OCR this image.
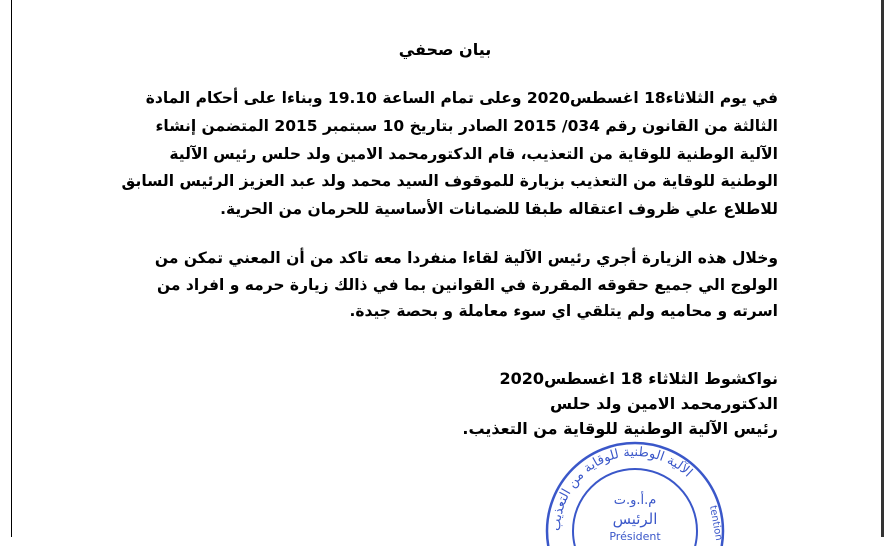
بيان صحفي
في يوم الثلاثاء18 اغسطس2020 وعلى تمام الساعة 19.10 وبناءا على أحكام المادة الثالثة من القانون رقم 034/ 2015 الصادر بتاريخ 10 سبتمبر 2015 المتضمن إنشاء الآلية الوطنية للوقاية من التعذيب، قام الدكتورمحمد الامين ولد حلس رئيس الآلية الوطنية للوقاية من التعذيب بزيارة للموقوف السيد محمد ولد عبد العزيز الرئيس السابق للاطلاع علي ظروف اعتقاله طبقا للضمانات الأساسية للحرمان من الحرية.
وخلال هذه الزيارة أجري رئيس الآلية لقاءا منفردا معه تاكد من أن المعني تمكن من الولوج الي جميع حقوقه المقررة في القوانين بما في ذالك زيارة حرمه و افراد من اسرته و محاميه ولم يتلقي اي سوء معاملة و بحصة جيدة.
نواكشوط الثلاثاء 18 اغسطس2020
الدكتورمحمد الامين ولد حلس
رئيس الآلية الوطنية للوقاية من التعذيب.
الآلية الوطنية للوقاية من التعذيب
م.أ.و.ت
الرئيس
Président	tention
